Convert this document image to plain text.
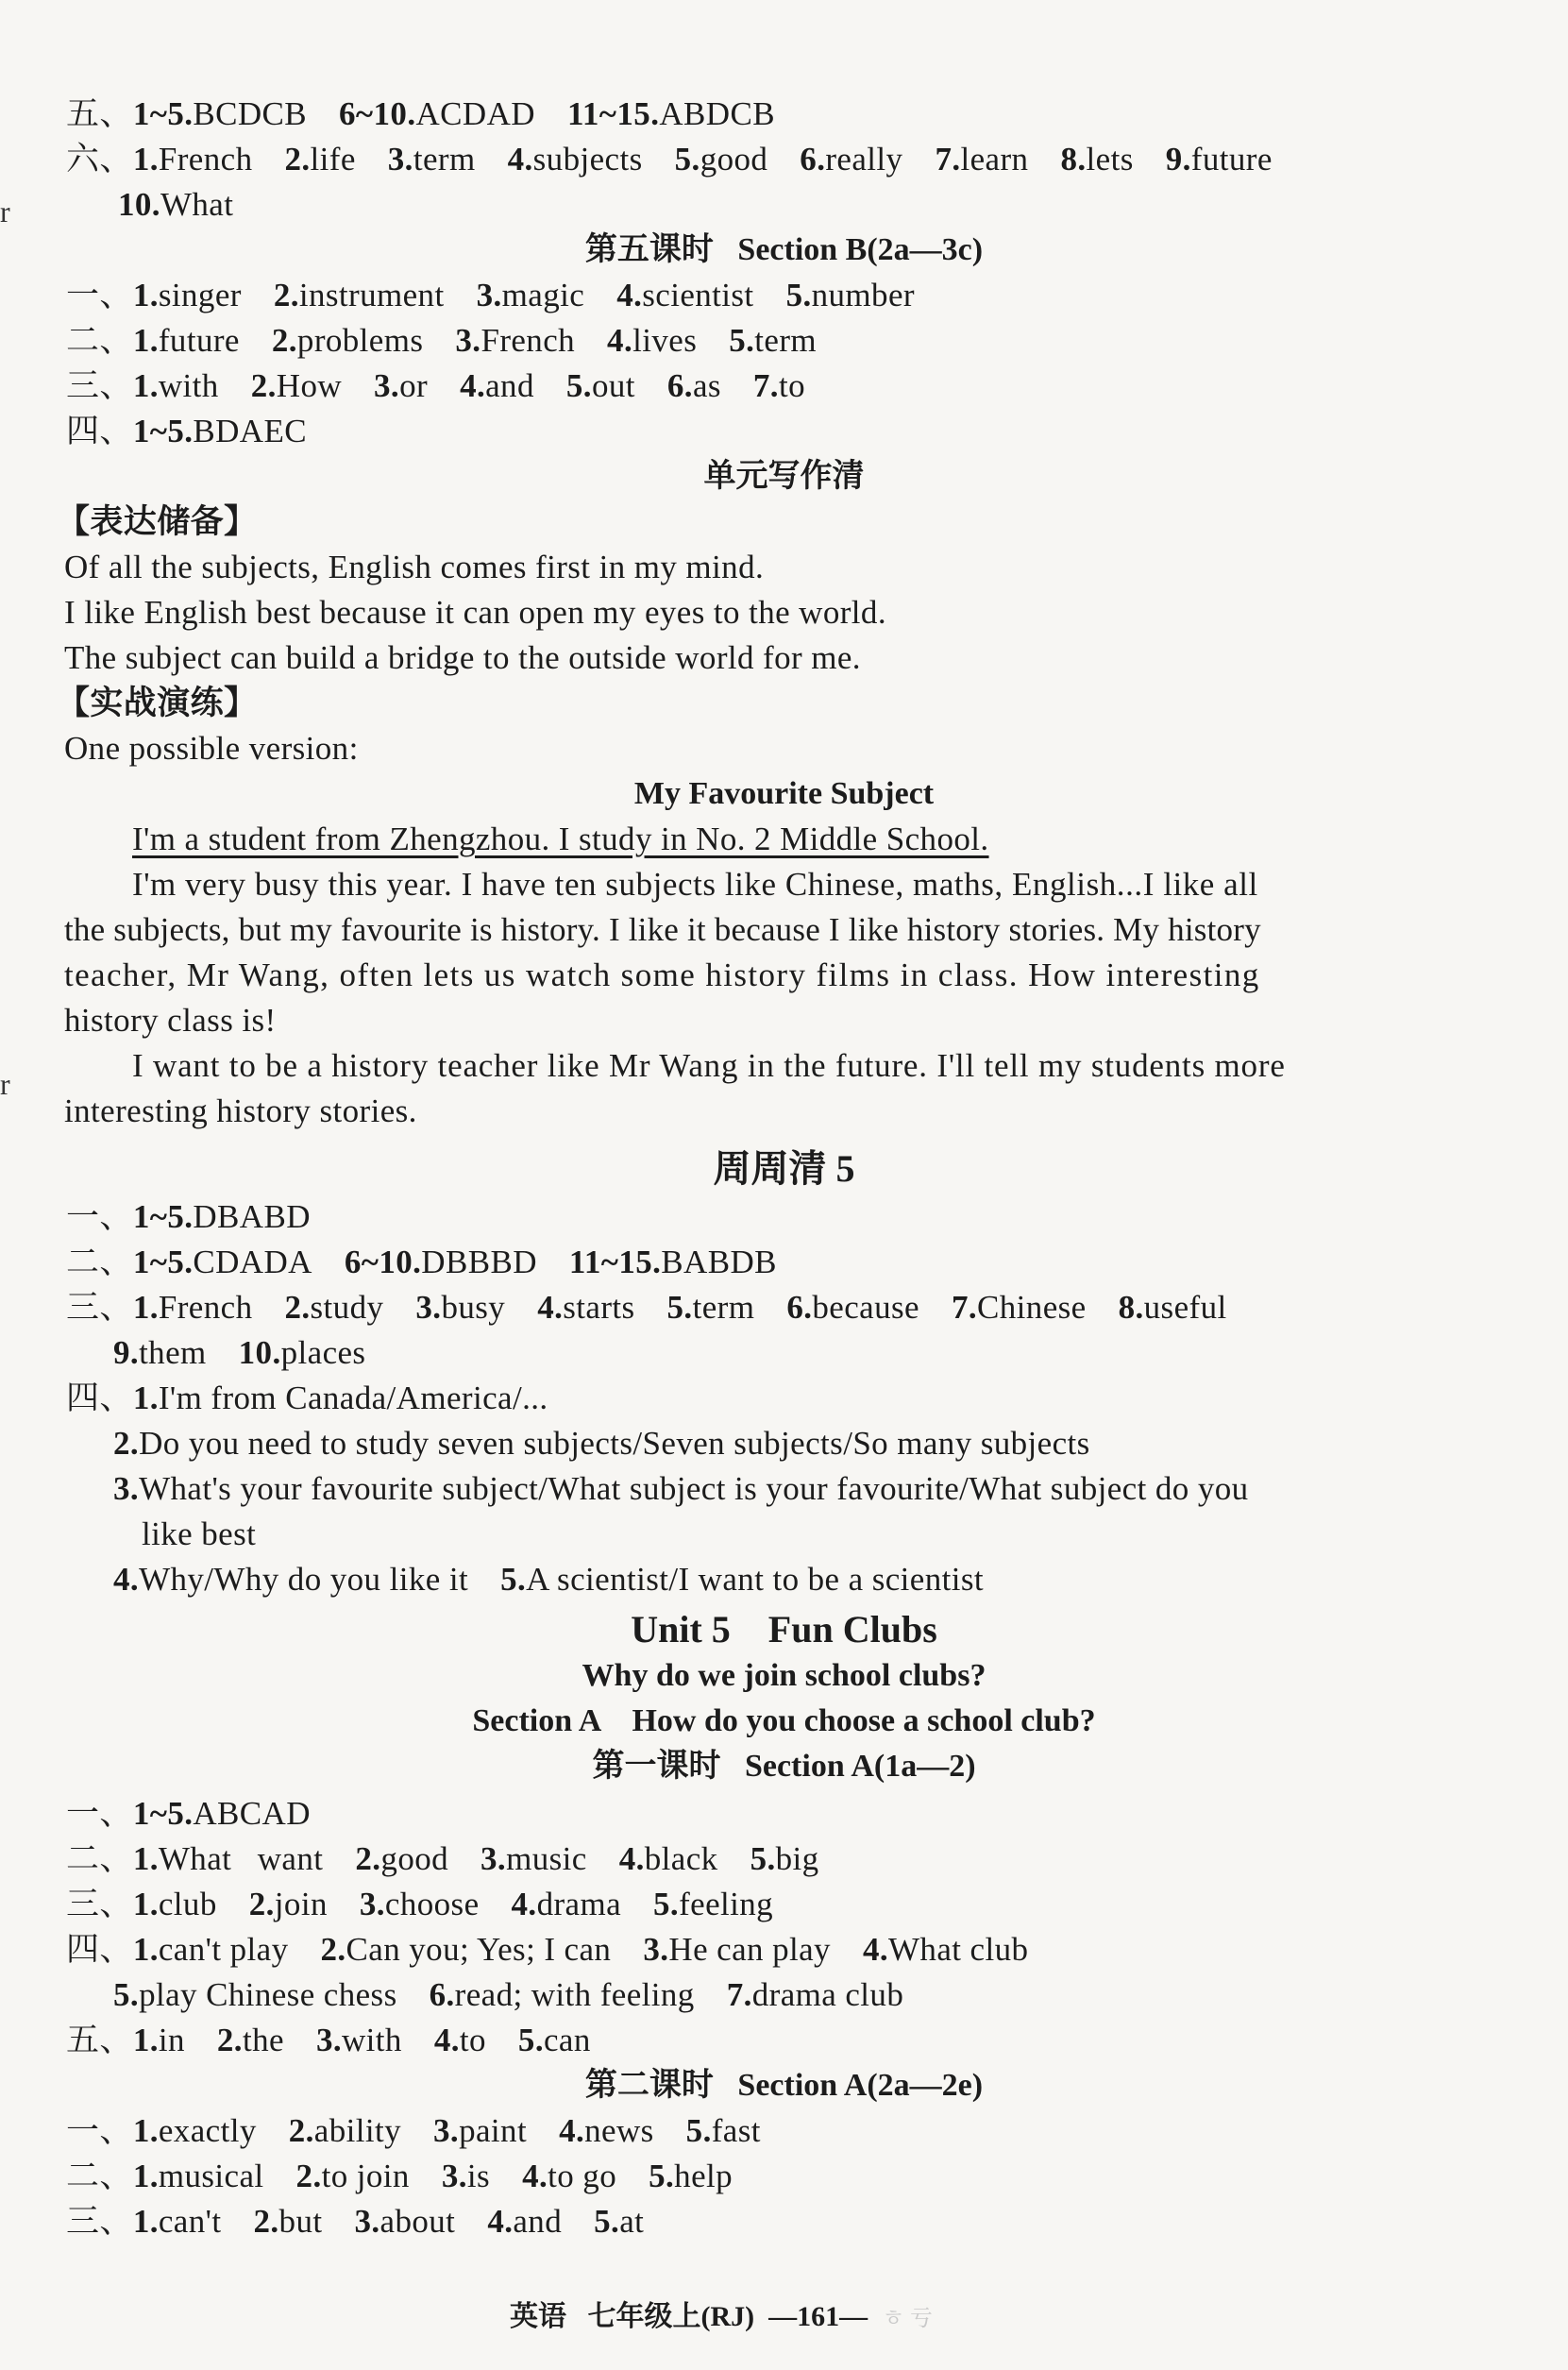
r
r
五、1~5.BCDCB 6~10.ACDAD 11~15.ABDCB
六、1.French 2.life 3.term 4.subjects 5.good 6.really 7.learn 8.lets 9.future
10.What
第五课时 Section B(2a—3c)
一、1.singer 2.instrument 3.magic 4.scientist 5.number
二、1.future 2.problems 3.French 4.lives 5.term
三、1.with 2.How 3.or 4.and 5.out 6.as 7.to
四、1~5.BDAEC
单元写作清
【表达储备】
Of all the subjects, English comes first in my mind.
I like English best because it can open my eyes to the world.
The subject can build a bridge to the outside world for me.
【实战演练】
One possible version:
My Favourite Subject
I'm a student from Zhengzhou. I study in No. 2 Middle School.
I'm very busy this year. I have ten subjects like Chinese, maths, English...I like all
the subjects, but my favourite is history. I like it because I like history stories. My history
teacher, Mr Wang, often lets us watch some history films in class. How interesting
history class is!
I want to be a history teacher like Mr Wang in the future. I'll tell my students more
interesting history stories.
周周清 5
一、1~5.DBABD
二、1~5.CDADA 6~10.DBBBD 11~15.BABDB
三、1.French 2.study 3.busy 4.starts 5.term 6.because 7.Chinese 8.useful
9.them 10.places
四、1.I'm from Canada/America/...
2.Do you need to study seven subjects/Seven subjects/So many subjects
3.What's your favourite subject/What subject is your favourite/What subject do you
like best
4.Why/Why do you like it 5.A scientist/I want to be a scientist
Unit 5    Fun Clubs
Why do we join school clubs?
Section A    How do you choose a school club?
第一课时 Section A(1a—2)
一、1~5.ABCAD
二、1.What   want 2.good 3.music 4.black 5.big
三、1.club 2.join 3.choose 4.drama 5.feeling
四、1.can't play 2.Can you; Yes; I can 3.He can play 4.What club
5.play Chinese chess 6.read; with feeling 7.drama club
五、1.in 2.the 3.with 4.to 5.can
第二课时 Section A(2a—2e)
一、1.exactly 2.ability 3.paint 4.news 5.fast
二、1.musical 2.to join 3.is 4.to go 5.help
三、1.can't 2.but 3.about 4.and 5.at
英语 七年级上(RJ) —161— ㅎ 亏
